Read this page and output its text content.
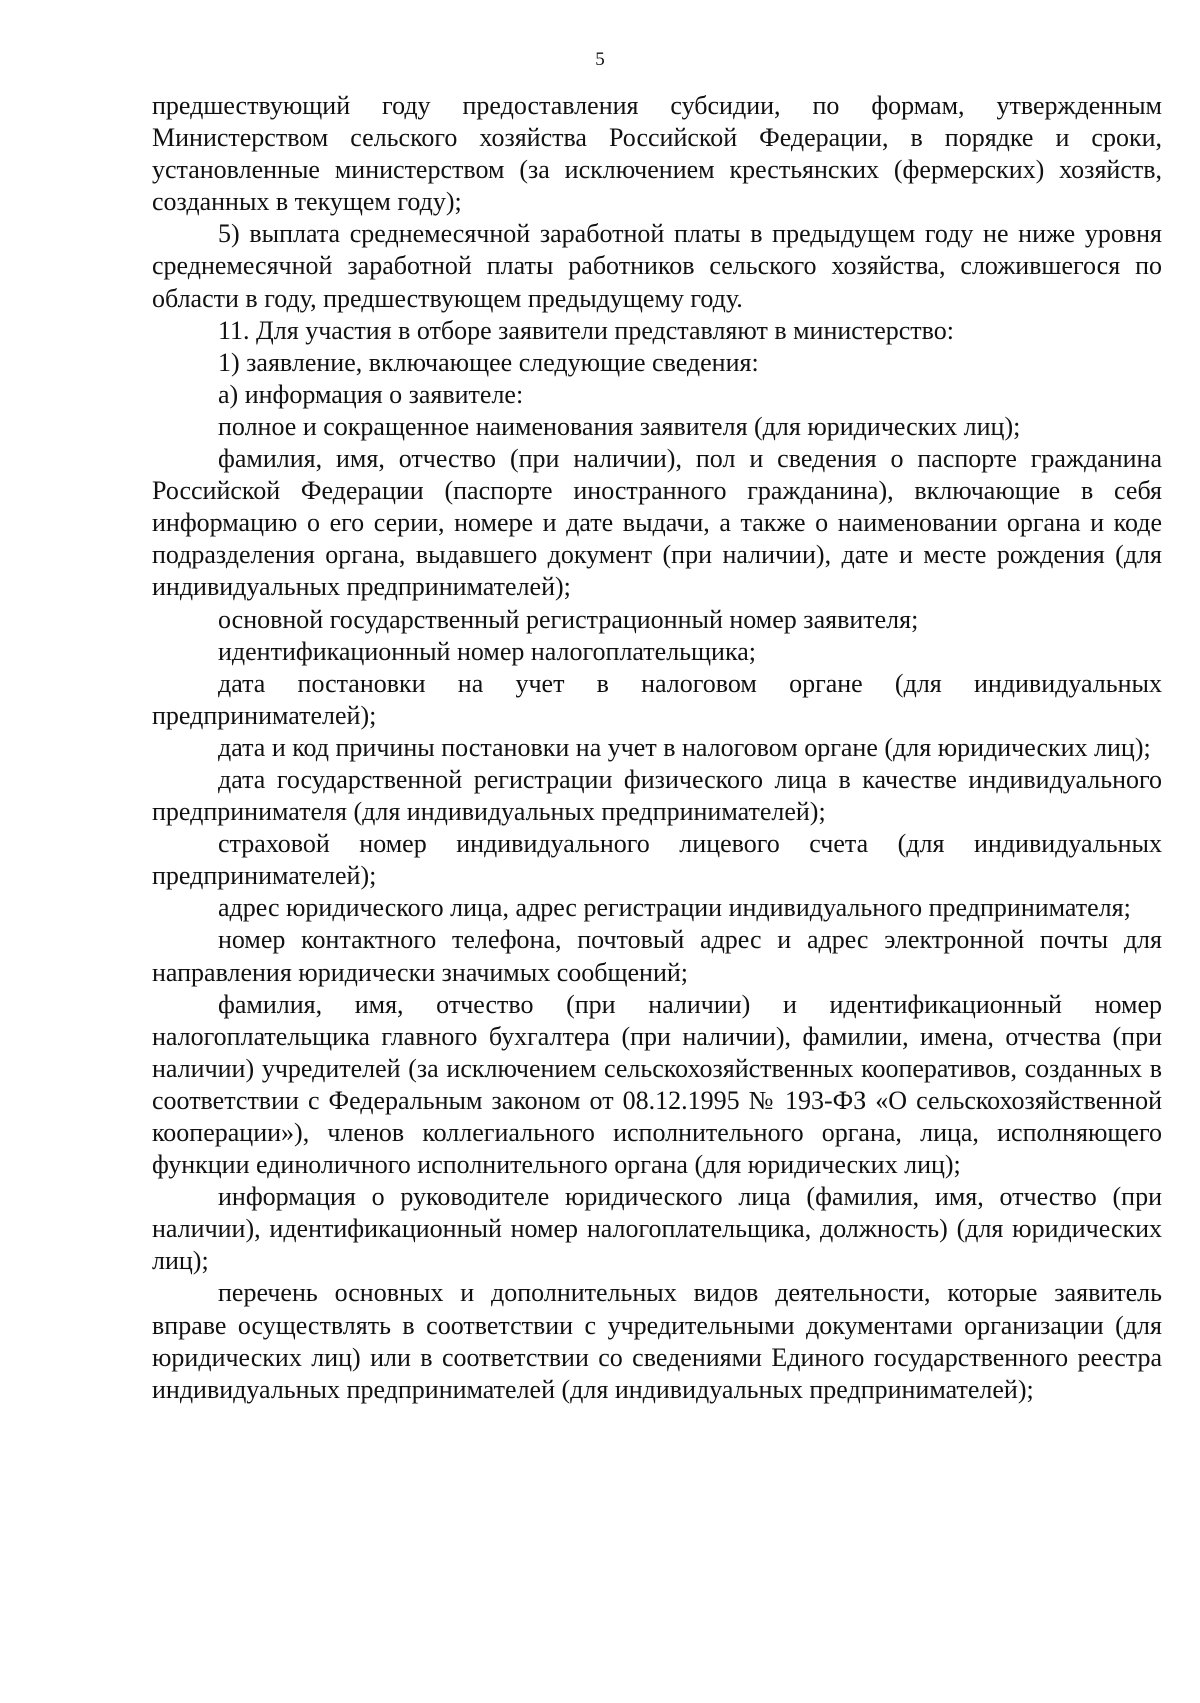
5

предшествующий году предоставления субсидии, по формам, утвержденным Министерством сельского хозяйства Российской Федерации, в порядке и сроки, установленные министерством (за исключением крестьянских (фермерских) хозяйств, созданных в текущем году);

5) выплата среднемесячной заработной платы в предыдущем году не ниже уровня среднемесячной заработной платы работников сельского хозяйства, сложившегося по области в году, предшествующем предыдущему году.

11. Для участия в отборе заявители представляют в министерство:

1) заявление, включающее следующие сведения:

а) информация о заявителе:

полное и сокращенное наименования заявителя (для юридических лиц);

фамилия, имя, отчество (при наличии), пол и сведения о паспорте гражданина Российской Федерации (паспорте иностранного гражданина), включающие в себя информацию о его серии, номере и дате выдачи, а также о наименовании органа и коде подразделения органа, выдавшего документ (при наличии), дате и месте рождения (для индивидуальных предпринимателей);

основной государственный регистрационный номер заявителя;

идентификационный номер налогоплательщика;

дата постановки на учет в налоговом органе (для индивидуальных предпринимателей);

дата и код причины постановки на учет в налоговом органе (для юридических лиц);

дата государственной регистрации физического лица в качестве индивидуального предпринимателя (для индивидуальных предпринимателей);

страховой номер индивидуального лицевого счета (для индивидуальных предпринимателей);

адрес юридического лица, адрес регистрации индивидуального предпринимателя;

номер контактного телефона, почтовый адрес и адрес электронной почты для направления юридически значимых сообщений;

фамилия, имя, отчество (при наличии) и идентификационный номер налогоплательщика главного бухгалтера (при наличии), фамилии, имена, отчества (при наличии) учредителей (за исключением сельскохозяйственных кооперативов, созданных в соответствии с Федеральным законом от 08.12.1995 № 193-ФЗ «О сельскохозяйственной кооперации»), членов коллегиального исполнительного органа, лица, исполняющего функции единоличного исполнительного органа (для юридических лиц);

информация о руководителе юридического лица (фамилия, имя, отчество (при наличии), идентификационный номер налогоплательщика, должность) (для юридических лиц);

перечень основных и дополнительных видов деятельности, которые заявитель вправе осуществлять в соответствии с учредительными документами организации (для юридических лиц) или в соответствии со сведениями Единого государственного реестра индивидуальных предпринимателей (для индивидуальных предпринимателей);
